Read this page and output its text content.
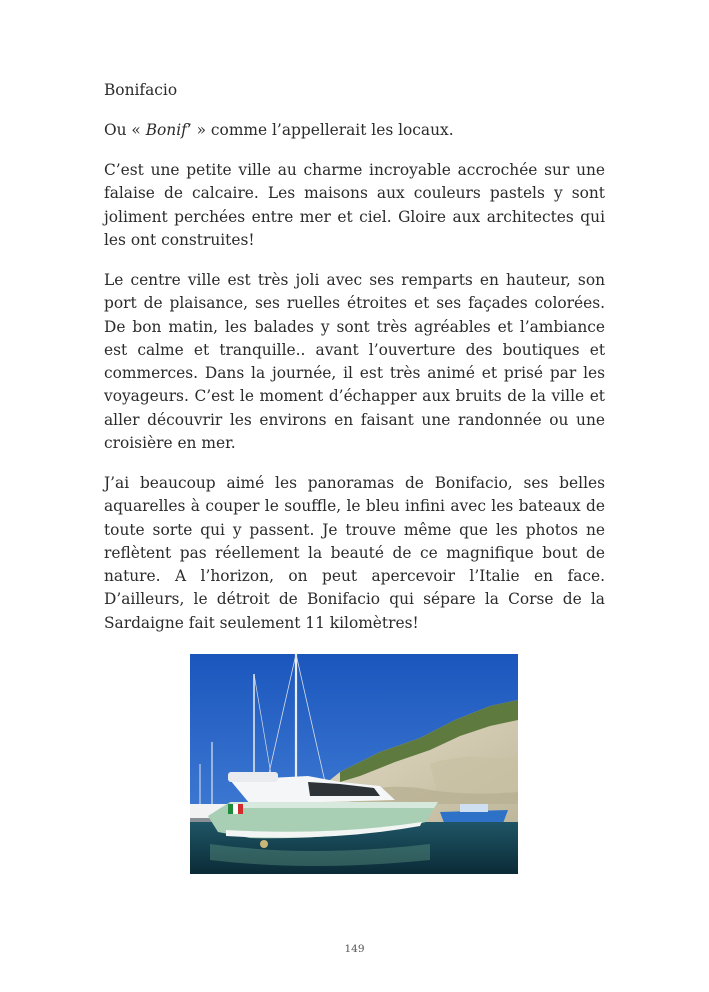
Bonifacio

Ou « Bonif’ » comme l’appellerait les locaux.

C’est une petite ville au charme incroyable accrochée sur une falaise de calcaire. Les maisons aux couleurs pastels y sont joliment perchées entre mer et ciel. Gloire aux architectes qui les ont construites!

Le centre ville est très joli avec ses remparts en hauteur, son port de plaisance, ses ruelles étroites et ses façades colorées. De bon matin, les balades y sont très agréables et l’ambiance est calme et tranquille.. avant l’ouverture des boutiques et commerces. Dans la journée, il est très animé et prisé par les voyageurs. C’est le moment d’échapper aux bruits de la ville et aller découvrir les environs en faisant une randonnée ou une croisière en mer.

J’ai beaucoup aimé les panoramas de Bonifacio, ses belles aquarelles à couper le souffle, le bleu infini avec les bateaux de toute sorte qui y passent. Je trouve même que les photos ne reflètent pas réellement la beauté de ce magnifique bout de nature. A l’horizon, on peut apercevoir l’Italie en face. D’ailleurs, le détroit de Bonifacio qui sépare la Corse de la Sardaigne fait seulement 11 kilomètres!

149
